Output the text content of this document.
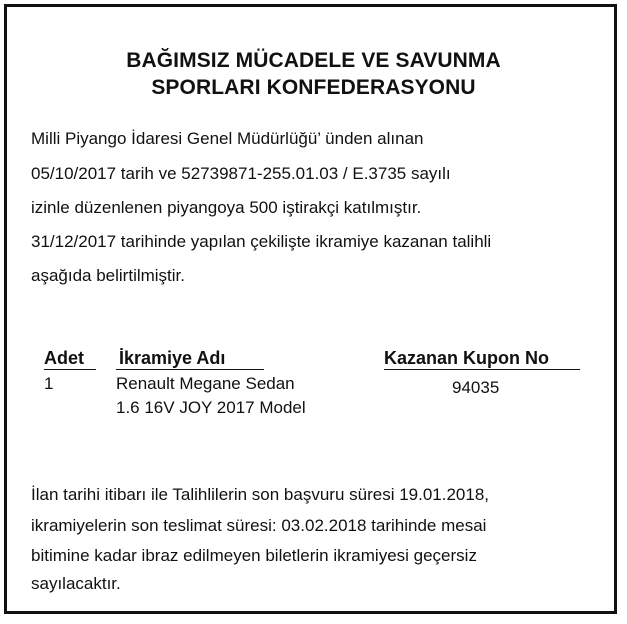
BAĞIMSIZ MÜCADELE VE SAVUNMA
SPORLARI KONFEDERASYONU
Milli Piyango İdaresi Genel Müdürlüğü’ ünden alınan
05/10/2017 tarih ve 52739871-255.01.03 / E.3735 sayılı
izinle düzenlenen piyangoya 500 iştirakçi katılmıştır.
31/12/2017 tarihinde yapılan çekilişte ikramiye kazanan talihli
aşağıda belirtilmiştir.
Adet İkramiye Adı	Kazanan Kupon No
1	Renault Megane Sedan
1.6 16V JOY 2017 Model
94035
İlan tarihi itibarı ile Talihlilerin son başvuru süresi 19.01.2018,
ikramiyelerin son teslimat süresi: 03.02.2018 tarihinde mesai
bitimine kadar ibraz edilmeyen biletlerin ikramiyesi geçersiz
sayılacaktır.
